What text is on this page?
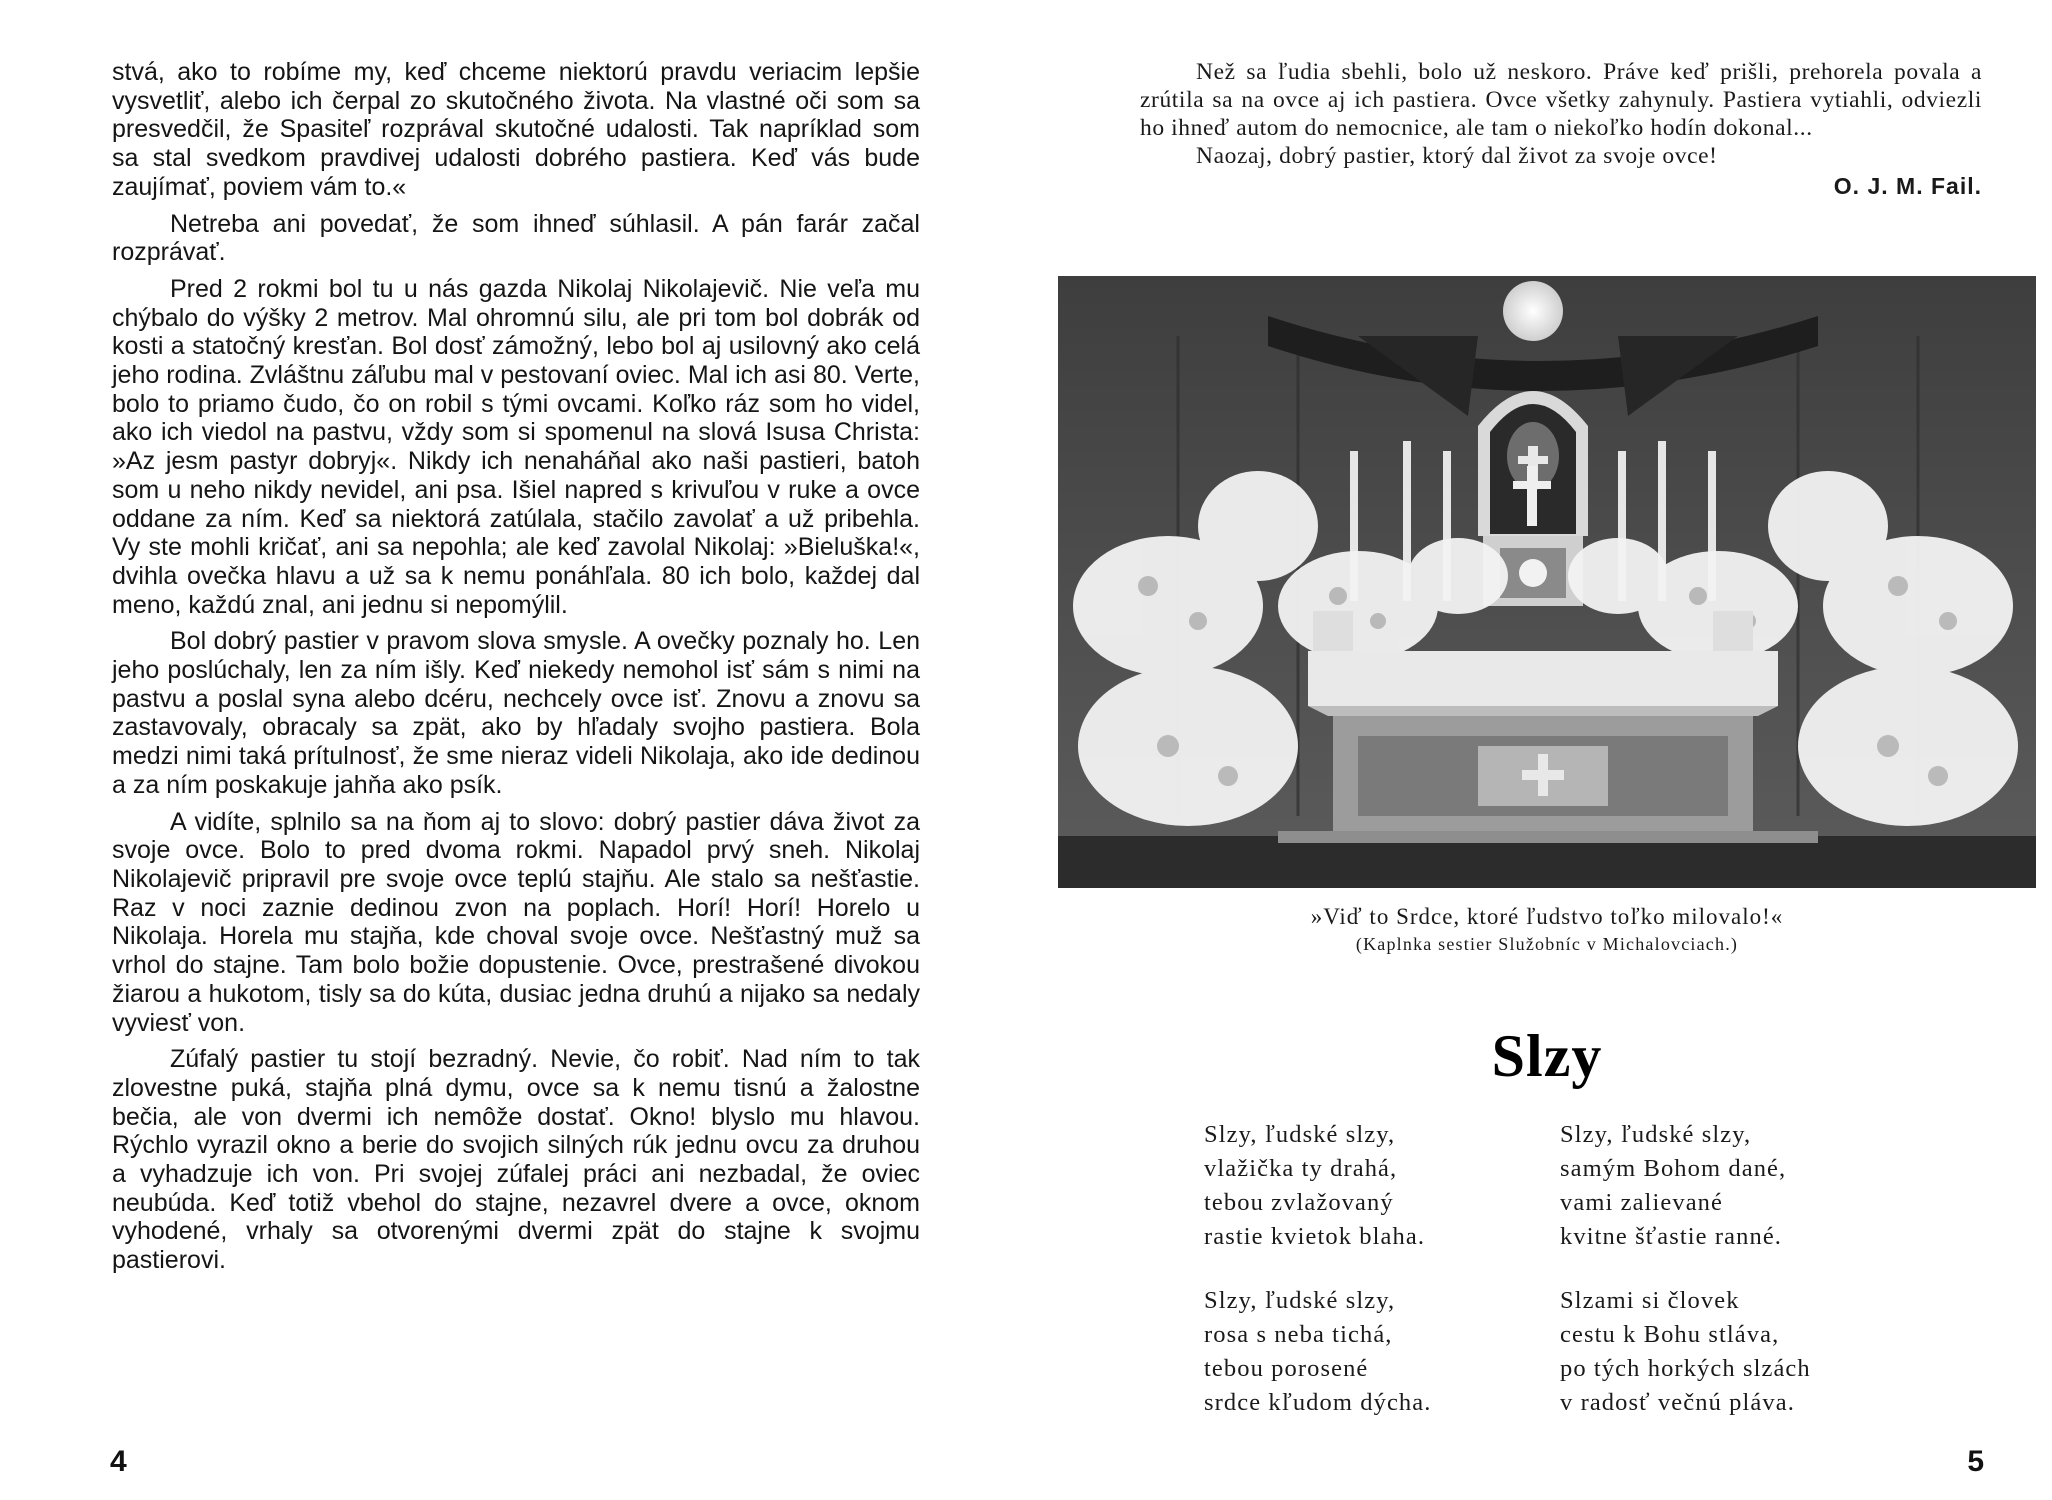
stvá, ako to robíme my, keď chceme niektorú pravdu veriacim lepšie vysvetliť, alebo ich čerpal zo skutočného života. Na vlastné oči som sa presvedčil, že Spasiteľ rozprával skutočné udalosti. Tak napríklad som sa stal svedkom pravdivej udalosti dobrého pastiera. Keď vás bude zaujímať, poviem vám to.«

Netreba ani povedať, že som ihneď súhlasil. A pán farár začal rozprávať.

Pred 2 rokmi bol tu u nás gazda Nikolaj Nikolajevič. Nie veľa mu chýbalo do výšky 2 metrov. Mal ohromnú silu, ale pri tom bol dobrák od kosti a statočný kresťan. Bol dosť zámožný, lebo bol aj usilovný ako celá jeho rodina. Zvláštnu záľubu mal v pestovaní oviec. Mal ich asi 80. Verte, bolo to priamo čudo, čo on robil s tými ovcami. Koľko ráz som ho videl, ako ich viedol na pastvu, vždy som si spomenul na slová Isusa Christa: »Az jesm pastyr dobryj«. Nikdy ich nenaháňal ako naši pastieri, batoh som u neho nikdy nevidel, ani psa. Išiel napred s krivuľou v ruke a ovce oddane za ním. Keď sa niektorá zatúlala, stačilo zavolať a už pribehla. Vy ste mohli kričať, ani sa nepohla; ale keď zavolal Nikolaj: »Bieluška!«, dvihla ovečka hlavu a už sa k nemu ponáhľala. 80 ich bolo, každej dal meno, každú znal, ani jednu si nepomýlil.

Bol dobrý pastier v pravom slova smysle. A ovečky poznaly ho. Len jeho poslúchaly, len za ním išly. Keď niekedy nemohol isť sám s nimi na pastvu a poslal syna alebo dcéru, nechcely ovce isť. Znovu a znovu sa zastavovaly, obracaly sa zpät, ako by hľadaly svojho pastiera. Bola medzi nimi taká prítulnosť, že sme nieraz videli Nikolaja, ako ide dedinou a za ním poskakuje jahňa ako psík.

A vidíte, splnilo sa na ňom aj to slovo: dobrý pastier dáva život za svoje ovce. Bolo to pred dvoma rokmi. Napadol prvý sneh. Nikolaj Nikolajevič pripravil pre svoje ovce teplú stajňu. Ale stalo sa nešťastie. Raz v noci zaznie dedinou zvon na poplach. Horí! Horí! Horelo u Nikolaja. Horela mu stajňa, kde choval svoje ovce. Nešťastný muž sa vrhol do stajne. Tam bolo božie dopustenie. Ovce, prestrašené divokou žiarou a hukotom, tisly sa do kúta, dusiac jedna druhú a nijako sa nedaly vyviesť von.

Zúfalý pastier tu stojí bezradný. Nevie, čo robiť. Nad ním to tak zlovestne puká, stajňa plná dymu, ovce sa k nemu tisnú a žalostne bečia, ale von dvermi ich nemôže dostať. Okno! blyslo mu hlavou. Rýchlo vyrazil okno a berie do svojich silných rúk jednu ovcu za druhou a vyhadzuje ich von. Pri svojej zúfalej práci ani nezbadal, že oviec neubúda. Keď totiž vbehol do stajne, nezavrel dvere a ovce, oknom vyhodené, vrhaly sa otvorenými dvermi zpät do stajne k svojmu pastierovi.

4

Než sa ľudia sbehli, bolo už neskoro. Práve keď prišli, prehorela povala a zrútila sa na ovce aj ich pastiera. Ovce všetky zahynuly. Pastiera vytiahli, odviezli ho ihneď autom do nemocnice, ale tam o niekoľko hodín dokonal...

Naozaj, dobrý pastier, ktorý dal život za svoje ovce!

O. J. M. Fail.
»Viď to Srdce, ktoré ľudstvo toľko milovalo!«
(Kaplnka sestier Služobníc v Michalovciach.)
Slzy
Slzy, ľudské slzy,
vlažička ty drahá,
tebou zvlažovaný
rastie kvietok blaha.
Slzy, ľudské slzy,
samým Bohom dané,
vami zalievané
kvitne šťastie ranné.
Slzy, ľudské slzy,
rosa s neba tichá,
tebou porosené
srdce kľudom dýcha.
Slzami si človek
cestu k Bohu stláva,
po tých horkých slzách
v radosť večnú pláva.
5
